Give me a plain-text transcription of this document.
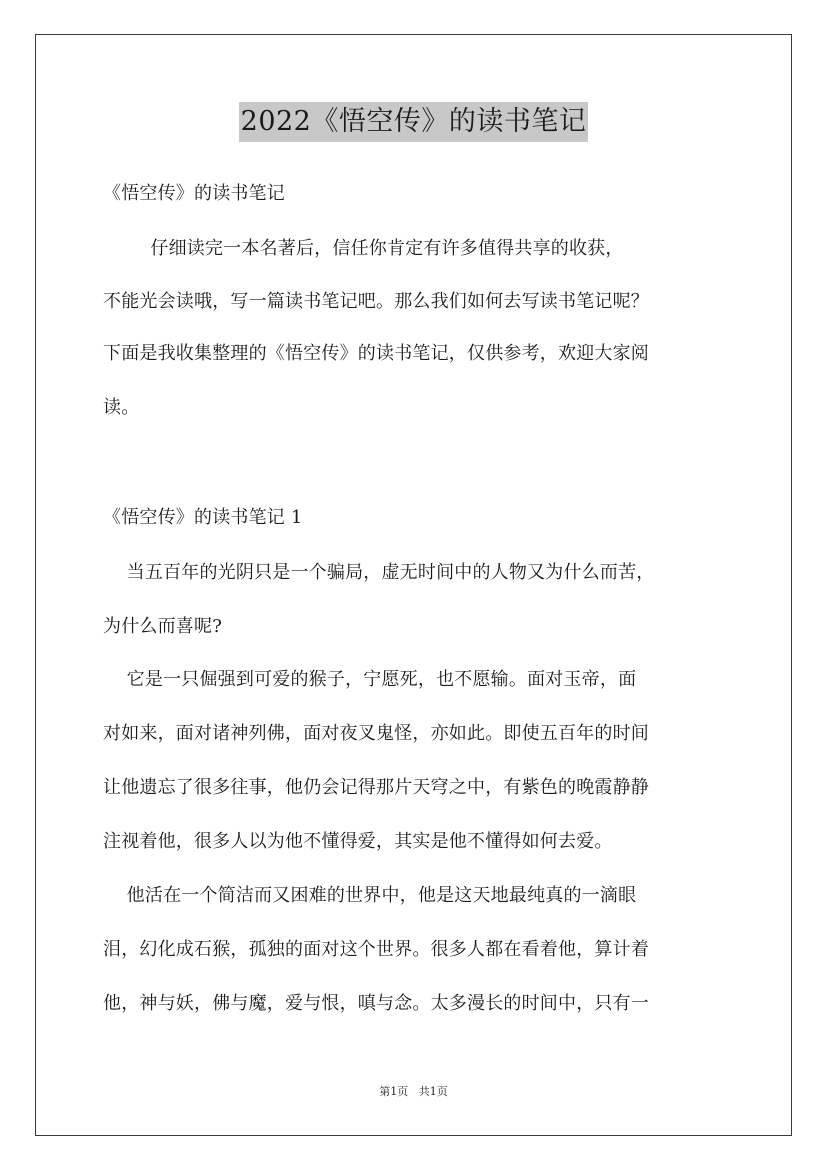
2022《悟空传》的读书笔记
《悟空传》的读书笔记
仔细读完一本名著后，信任你肯定有许多值得共享的收获，
不能光会读哦，写一篇读书笔记吧。那么我们如何去写读书笔记呢？
下面是我收集整理的《悟空传》的读书笔记，仅供参考，欢迎大家阅
读。
《悟空传》的读书笔记 1
当五百年的光阴只是一个骗局，虚无时间中的人物又为什么而苦，
为什么而喜呢?
它是一只倔强到可爱的猴子，宁愿死，也不愿输。面对玉帝，面
对如来，面对诸神列佛，面对夜叉鬼怪，亦如此。即使五百年的时间
让他遗忘了很多往事，他仍会记得那片天穹之中，有紫色的晚霞静静
注视着他，很多人以为他不懂得爱，其实是他不懂得如何去爱。
他活在一个简洁而又困难的世界中，他是这天地最纯真的一滴眼
泪，幻化成石猴，孤独的面对这个世界。很多人都在看着他，算计着
他，神与妖，佛与魔，爱与恨，嗔与念。太多漫长的时间中，只有一
第1页 共1页
